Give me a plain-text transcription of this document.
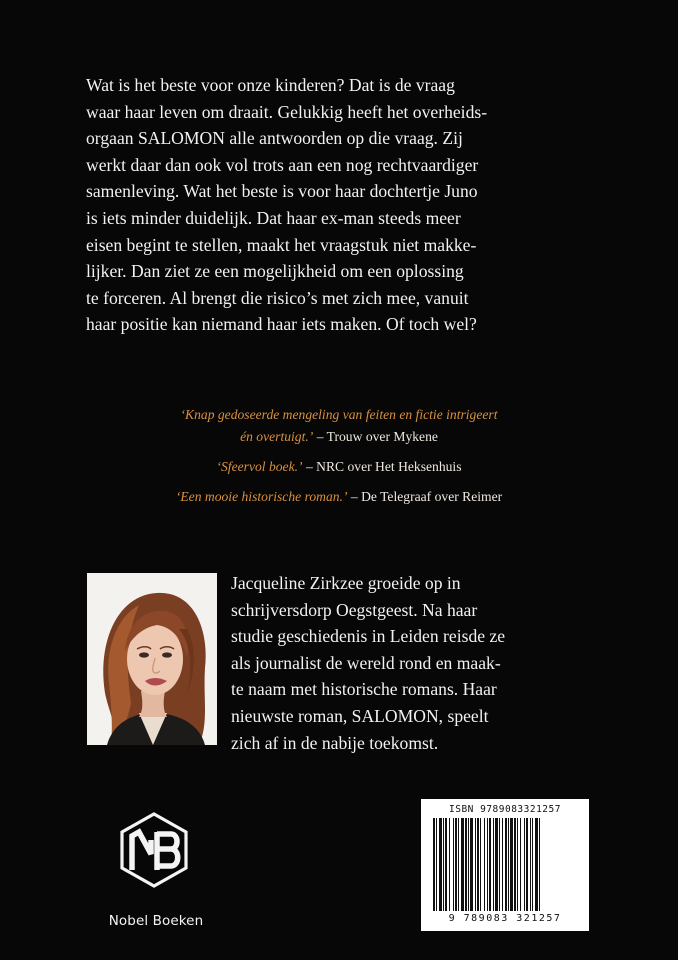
Wat is het beste voor onze kinderen? Dat is de vraag
waar haar leven om draait. Gelukkig heeft het overheids-
orgaan SALOMON alle antwoorden op die vraag. Zij
werkt daar dan ook vol trots aan een nog rechtvaardiger
samenleving. Wat het beste is voor haar dochtertje Juno
is iets minder duidelijk. Dat haar ex-man steeds meer
eisen begint te stellen, maakt het vraagstuk niet makke-
lijker. Dan ziet ze een mogelijkheid om een oplossing
te forceren. Al brengt die risico’s met zich mee, vanuit
haar positie kan niemand haar iets maken. Of toch wel?

‘Knap gedoseerde mengeling van feiten en fictie intrigeert
én overtuigt.’ – Trouw over Mykene

‘Sfeervol boek.’ – NRC over Het Heksenhuis

‘Een mooie historische roman.’ – De Telegraaf over Reimer

Jacqueline Zirkzee groeide op in
schrijversdorp Oegstgeest. Na haar
studie geschiedenis in Leiden reisde ze
als journalist de wereld rond en maak-
te naam met historische romans. Haar
nieuwste roman, SALOMON, speelt
zich af in de nabije toekomst.
Nobel Boeken
ISBN 9789083321257
9 789083 321257
